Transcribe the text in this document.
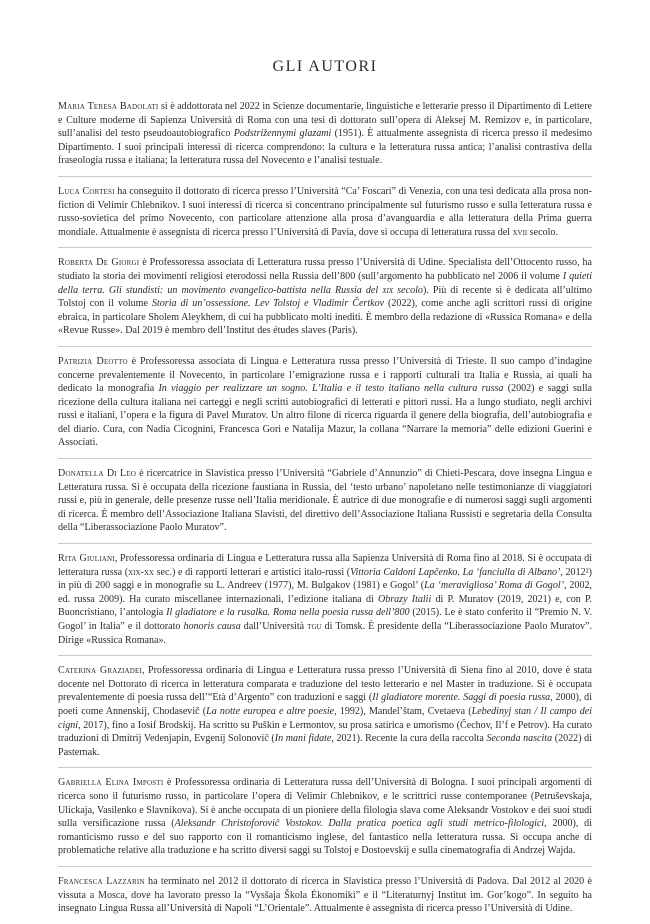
GLI AUTORI

Maria Teresa Badolati si è addottorata nel 2022 in Scienze documentarie, linguistiche e letterarie presso il Dipartimento di Lettere e Culture moderne di Sapienza Università di Roma con una tesi di dottorato sull’opera di Aleksej M. Remizov e, in particolare, sull’analisi del testo pseudoautobiografico Podstrižennymi glazami (1951). È attualmente assegnista di ricerca presso il medesimo Dipartimento. I suoi principali interessi di ricerca comprendono: la cultura e la letteratura russa antica; l’analisi contrastiva della fraseologia russa e italiana; la letteratura russa del Novecento e l’analisi testuale.

Luca Cortesi ha conseguito il dottorato di ricerca presso l’Università “Ca’ Foscari” di Venezia, con una tesi dedicata alla prosa non-fiction di Velimir Chlebnikov. I suoi interessi di ricerca si concentrano principalmente sul futurismo russo e sulla letteratura russa e russo-sovietica del primo Novecento, con particolare attenzione alla prosa d’avanguardia e alla letteratura della Prima guerra mondiale. Attualmente è assegnista di ricerca presso l’Università di Pavia, dove si occupa di letteratura russa del xvii secolo.

Roberta De Giorgi è Professoressa associata di Letteratura russa presso l’Università di Udine. Specialista dell’Ottocento russo, ha studiato la storia dei movimenti religiosi eterodossi nella Russia dell’800 (sull’argomento ha pubblicato nel 2006 il volume I quieti della terra. Gli stundisti: un movimento evangelico-battista nella Russia del xix secolo). Più di recente si è dedicata all’ultimo Tolstoj con il volume Storia di un’ossessione. Lev Tolstoj e Vladimir Čertkov (2022), come anche agli scrittori russi di origine ebraica, in particolare Sholem Aleykhem, di cui ha pubblicato molti inediti. È membro della redazione di «Russica Romana» e della «Revue Russe». Dal 2019 è membro dell’Institut des études slaves (Paris).

Patrizia Deotto è Professoressa associata di Lingua e Letteratura russa presso l’Università di Trieste. Il suo campo d’indagine concerne prevalentemente il Novecento, in particolare l’emigrazione russa e i rapporti culturali tra Italia e Russia, ai quali ha dedicato la monografia In viaggio per realizzare un sogno. L’Italia e il testo italiano nella cultura russa (2002) e saggi sulla ricezione della cultura italiana nei carteggi e negli scritti autobiografici di letterati e pittori russi. Ha a lungo studiato, negli archivi russi e italiani, l’opera e la figura di Pavel Muratov. Un altro filone di ricerca riguarda il genere della biografia, dell’autobiografia e del diario. Cura, con Nadia Cicognini, Francesca Gori e Natalija Mazur, la collana “Narrare la memoria” delle edizioni Guerini e Associati.

Donatella Di Leo è ricercatrice in Slavistica presso l’Università “Gabriele d’Annunzio” di Chieti-Pescara, dove insegna Lingua e Letteratura russa. Si è occupata della ricezione faustiana in Russia, del ‘testo urbano’ napoletano nelle testimonianze di viaggiatori russi e, più in generale, delle presenze russe nell’Italia meridionale. È autrice di due monografie e di numerosi saggi sugli argomenti di ricerca. È membro dell’Associazione Italiana Slavisti, del direttivo dell’Associazione Italiana Russisti e segretaria della Consulta della “Liberassociazione Paolo Muratov”.

Rita Giuliani, Professoressa ordinaria di Lingua e Letteratura russa alla Sapienza Università di Roma fino al 2018. Si è occupata di letteratura russa (xix-xx sec.) e di rapporti letterari e artistici italo-russi (Vittoria Caldoni Lapčenko. La ‘fanciulla di Albano’, 2012²) in più di 200 saggi e in monografie su L. Andreev (1977), M. Bulgakov (1981) e Gogol’ (La ‘meravigliosa’ Roma di Gogol’, 2002, ed. russa 2009). Ha curato miscellanee internazionali, l’edizione italiana di Obrazy Italii di P. Muratov (2019, 2021) e, con P. Buoncristiano, l’antologia Il gladiatore e la rusalka. Roma nella poesia russa dell’800 (2015). Le è stato conferito il “Premio N. V. Gogol’ in Italia” e il dottorato honoris causa dall’Università tgu di Tomsk. È presidente della “Liberassociazione Paolo Muratov”. Dirige «Russica Romana».

Caterina Graziadei, Professoressa ordinaria di Lingua e Letteratura russa presso l’Università di Siena fino al 2010, dove è stata docente nel Dottorato di ricerca in letteratura comparata e traduzione del testo letterario e nel Master in traduzione. Si è occupata prevalentemente di poesia russa dell’“Età d’Argento” con traduzioni e saggi (Il gladiatore morente. Saggi di poesia russa, 2000), di poeti come Annenskij, Chodasevič (La notte europea e altre poesie, 1992), Mandel’štam, Cvetaeva (Lebedinyj stan / Il campo dei cigni, 2017), fino a Iosif Brodskij. Ha scritto su Puškin e Lermontov, su prosa satirica e umorismo (Čechov, Il’f e Petrov). Ha curato traduzioni di Dmitrij Vedenjapin, Evgenij Solonovič (In mani fidate, 2021). Recente la cura della raccolta Seconda nascita (2022) di Pasternak.

Gabriella Elina Imposti è Professoressa ordinaria di Letteratura russa dell’Università di Bologna. I suoi principali argomenti di ricerca sono il futurismo russo, in particolare l’opera di Velimir Chlebnikov, e le scrittrici russe contemporanee (Petruševskaja, Ulickaja, Vasilenko e Slavnikova). Si è anche occupata di un pioniere della filologia slava come Aleksandr Vostokov e dei suoi studi sulla versificazione russa (Aleksandr Christoforovič Vostokov. Dalla pratica poetica agli studi metrico-filologici, 2000), di romanticismo russo e del suo rapporto con il romanticismo inglese, del fantastico nella letteratura russa. Si occupa anche di problematiche relative alla traduzione e ha scritto diversi saggi su Tolstoj e Dostoevskij e sulla cinematografia di Andrzej Wajda.

Francesca Lazzarin ha terminato nel 2012 il dottorato di ricerca in Slavistica presso l’Università di Padova. Dal 2012 al 2020 è vissuta a Mosca, dove ha lavorato presso la “Vysšaja Škola Ėkonomiki” e il “Literaturnyj Institut im. Gor’kogo”. In seguito ha insegnato Lingua Russa all’Università di Napoli “L’Orientale”. Attualmente è assegnista di ricerca presso l’Università di Udine.
